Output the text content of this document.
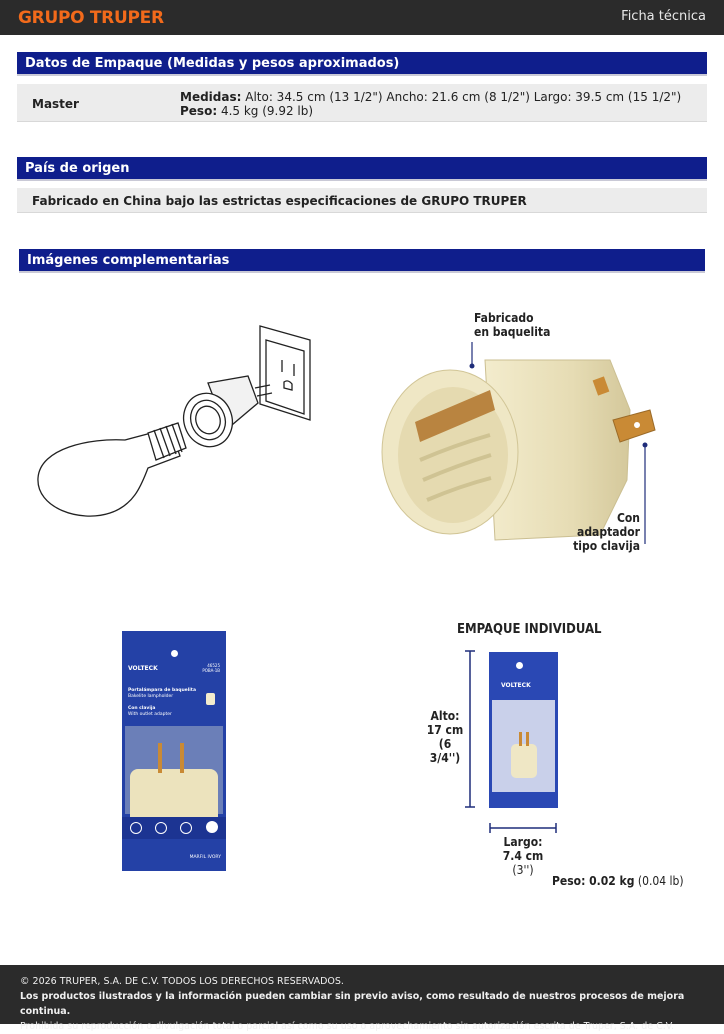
GRUPO TRUPER	Ficha técnica
Datos de Empaque (Medidas y pesos aproximados)
Master	Medidas: Alto: 34.5 cm (13 1/2") Ancho: 21.6 cm (8 1/2") Largo: 39.5 cm (15 1/2") Peso: 4.5 kg (9.92 lb)
País de origen
Fabricado en China bajo las estrictas especificaciones de GRUPO TRUPER
Imágenes complementarias
Fabricado
en baquelita
Con adaptador
tipo clavija
VOLTECK	46525
POBA-1B
Portalámpara de baquelita
Bakelite lampholder
Con clavija
With outlet adapter
MARFIL IVORY
EMPAQUE INDIVIDUAL
VOLTECK
Alto:
17 cm
(6 3/4'')
Largo:
7.4 cm
(3'')
Peso: 0.02 kg (0.04 lb)
© 2026 TRUPER, S.A. DE C.V. TODOS LOS DERECHOS RESERVADOS.
Los productos ilustrados y la información pueden cambiar sin previo aviso, como resultado de nuestros procesos de mejora continua.
Prohibida su reproducción o divulgación total o parcial así como su uso o aprovechamiento sin autorización escrita de Truper, S.A. de C.V.
